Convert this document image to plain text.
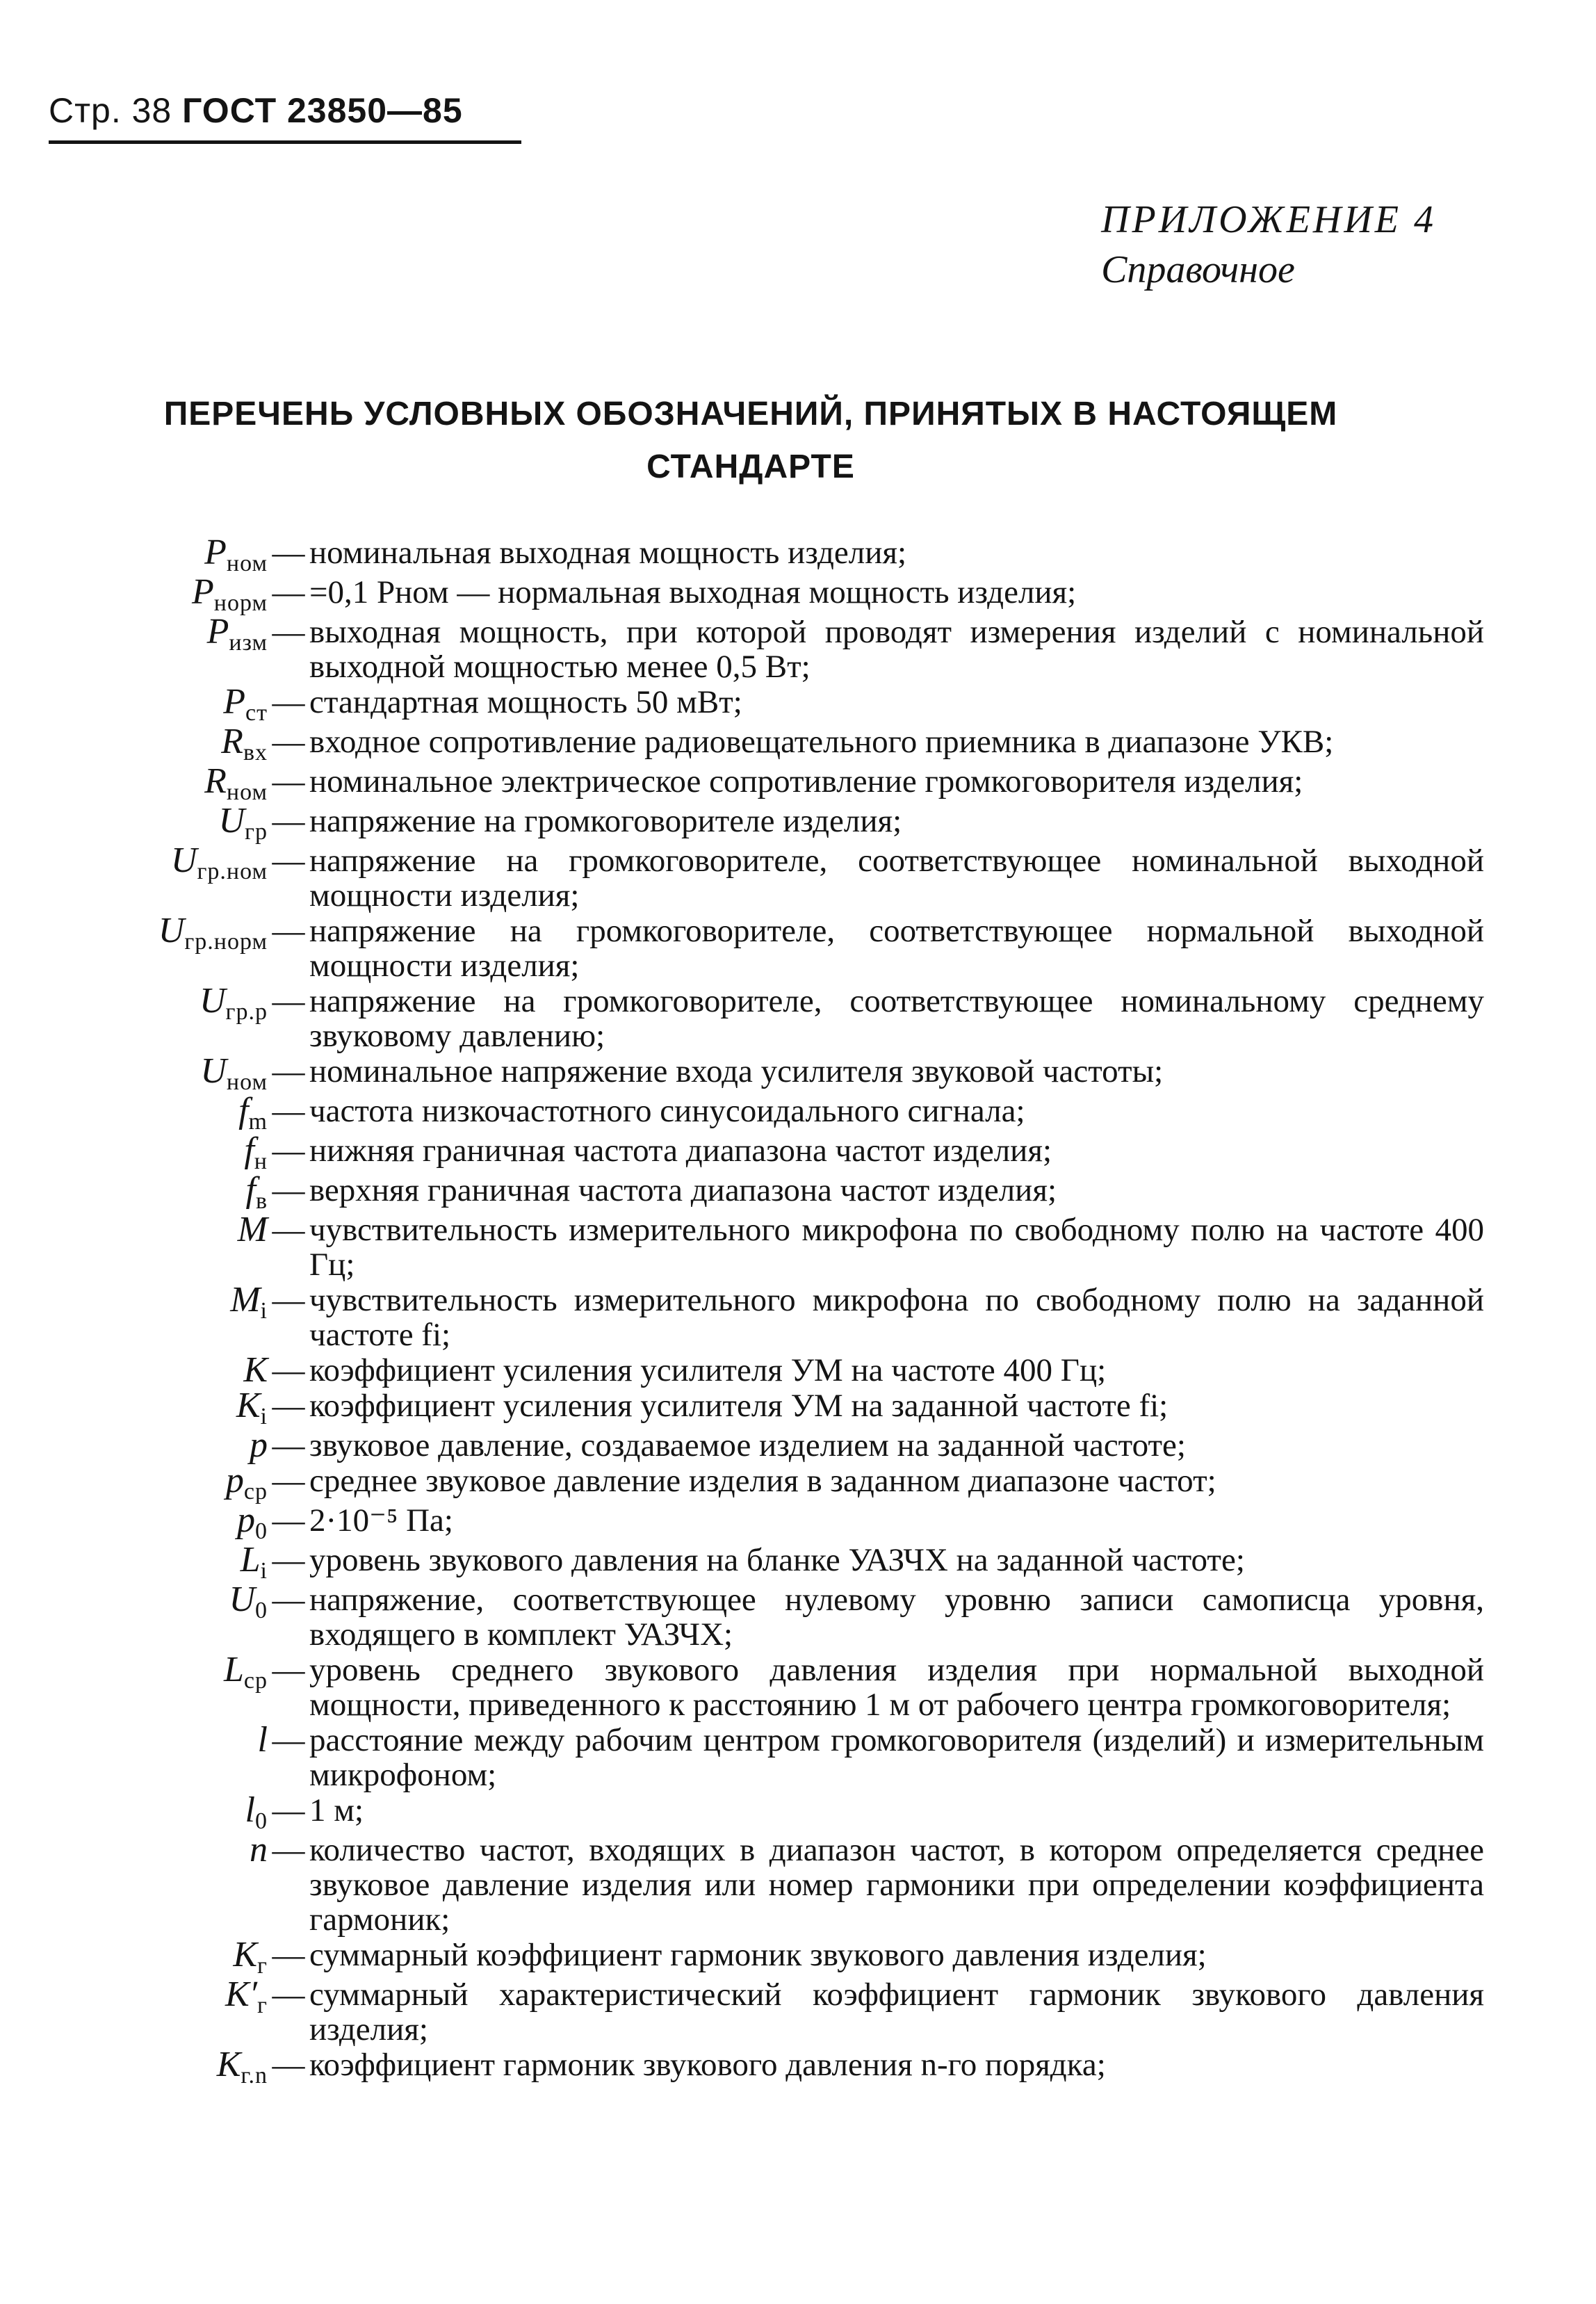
Стр. 38 ГОСТ 23850—85
ПРИЛОЖЕНИЕ 4
Справочное
ПЕРЕЧЕНЬ УСЛОВНЫХ ОБОЗНАЧЕНИЙ, ПРИНЯТЫХ В НАСТОЯЩЕМ
СТАНДАРТЕ
Pном — номинальная выходная мощность изделия;
Pнорм — =0,1 Pном — нормальная выходная мощность изделия;
Pизм — выходная мощность, при которой проводят измерения изделий с номинальной выходной мощностью менее 0,5 Вт;
Pст — стандартная мощность 50 мВт;
Rвх — входное сопротивление радиовещательного приемника в диапазоне УКВ;
Rном — номинальное электрическое сопротивление громкоговорителя изделия;
Uгр — напряжение на громкоговорителе изделия;
Uгр.ном — напряжение на громкоговорителе, соответствующее номинальной выходной мощности изделия;
Uгр.норм — напряжение на громкоговорителе, соответствующее нормальной выходной мощности изделия;
Uгр.р — напряжение на громкоговорителе, соответствующее номинальному среднему звуковому давлению;
Uном — номинальное напряжение входа усилителя звуковой частоты;
fm — частота низкочастотного синусоидального сигнала;
fн — нижняя граничная частота диапазона частот изделия;
fв — верхняя граничная частота диапазона частот изделия;
M — чувствительность измерительного микрофона по свободному полю на частоте 400 Гц;
Mi — чувствительность измерительного микрофона по свободному полю на заданной частоте fi;
K — коэффициент усиления усилителя УМ на частоте 400 Гц;
Ki — коэффициент усиления усилителя УМ на заданной частоте fi;
p — звуковое давление, создаваемое изделием на заданной частоте;
pср — среднее звуковое давление изделия в заданном диапазоне частот;
p0 — 2·10⁻⁵ Па;
Li — уровень звукового давления на бланке УАЗЧХ на заданной частоте;
U0 — напряжение, соответствующее нулевому уровню записи самописца уровня, входящего в комплект УАЗЧХ;
Lср — уровень среднего звукового давления изделия при нормальной выходной мощности, приведенного к расстоянию 1 м от рабочего центра громкоговорителя;
l — расстояние между рабочим центром громкоговорителя (изделий) и измерительным микрофоном;
l0 — 1 м;
n — количество частот, входящих в диапазон частот, в котором определяется среднее звуковое давление изделия или номер гармоники при определении коэффициента гармоник;
Kг — суммарный коэффициент гармоник звукового давления изделия;
K′г — суммарный характеристический коэффициент гармоник звукового давления изделия;
Kг.n — коэффициент гармоник звукового давления n-го порядка;
